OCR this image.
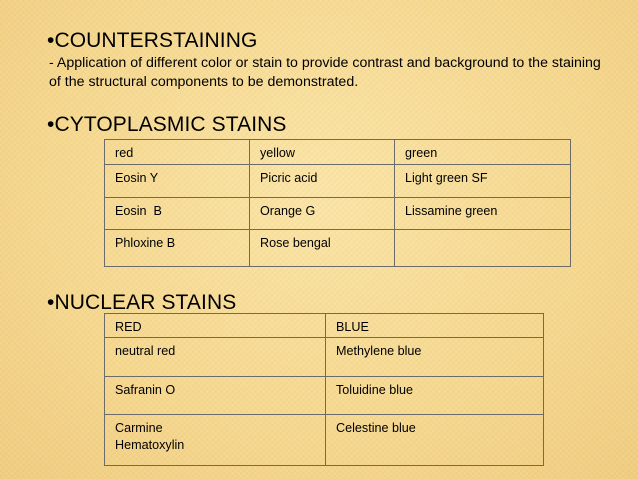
•COUNTERSTAINING
- Application of different color or stain to provide contrast and background to the staining of the structural components to be demonstrated.
•CYTOPLASMIC STAINS
red	yellow	green
Eosin Y	Picric acid	Light green SF
Eosin  B	Orange G	Lissamine green
Phloxine B	Rose bengal	
•NUCLEAR STAINS
RED	BLUE
neutral red	Methylene blue
Safranin O	Toluidine blue

Carmine
Hematoxylin	Celestine blue
